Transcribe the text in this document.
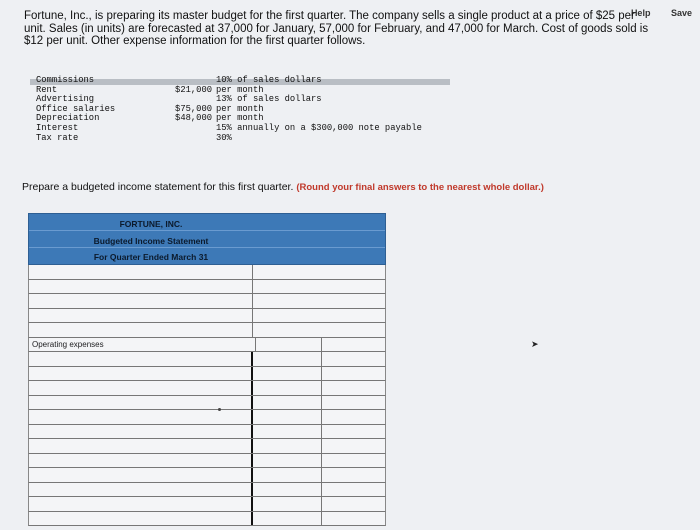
Help Save
Fortune, Inc., is preparing its master budget for the first quarter. The company sells a single product at a price of $25 per unit. Sales (in units) are forecasted at 37,000 for January, 57,000 for February, and 47,000 for March. Cost of goods sold is $12 per unit. Other expense information for the first quarter follows.
Commissions	10% of sales dollars
Rent	$21,000 per month
Advertising	13% of sales dollars
Office salaries	$75,000 per month
Depreciation	$48,000 per month
Interest	15% annually on a $300,000 note payable
Tax rate	30%
Prepare a budgeted income statement for this first quarter. (Round your final answers to the nearest whole dollar.)
FORTUNE, INC.
Budgeted Income Statement
For Quarter Ended March 31
Operating expenses	➤
